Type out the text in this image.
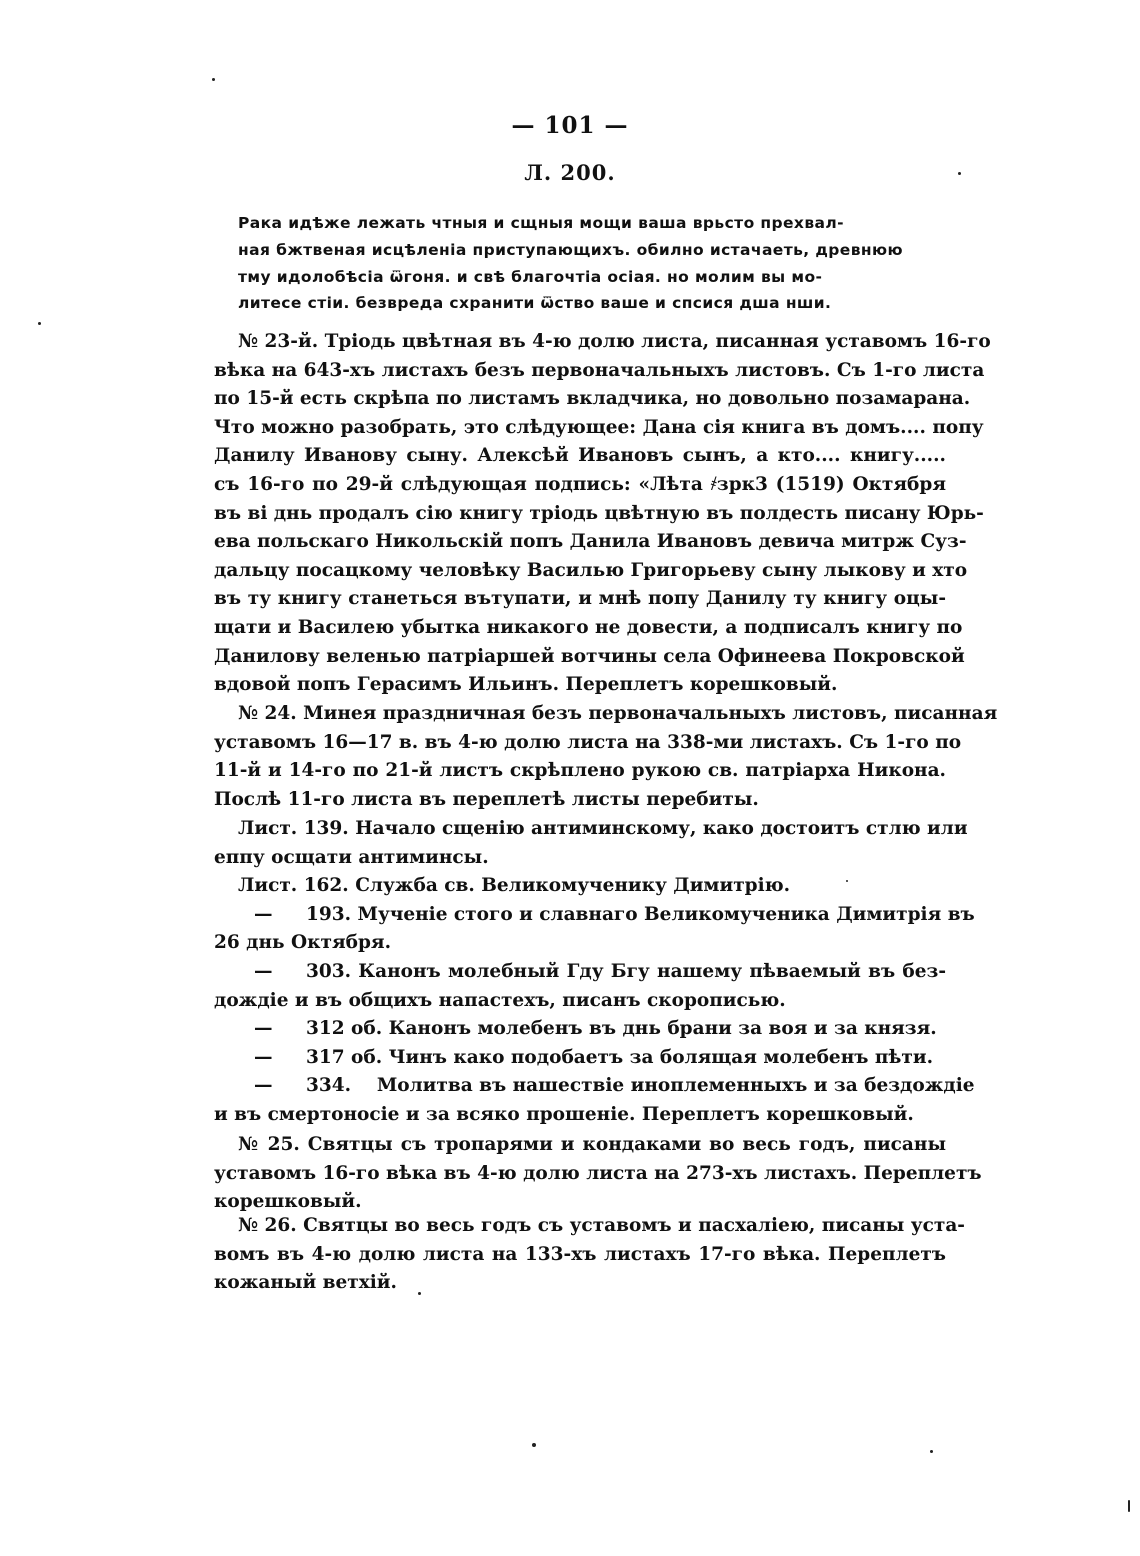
— 101 —
Л. 200.
Рака идѣже лежать чтныя и сщныя мощи ваша врьсто прехвал-
ная бжтвеная исцѣленiа приступающихъ. обилно истачаеть, древнюю
тму идолобѣсiа ѿгоня. и свѣ благочтiа осiая. но молим вы мо-
литесе стiи. безвреда схранити ѿство ваше и спсися дша нши.
№ 23-й. Трiодь цвѣтная въ 4-ю долю листа, писанная уставомъ 16-го
вѣка на 643-хъ листахъ безъ первоначальныхъ листовъ. Съ 1-го листа
по 15-й есть скрѣпа по листамъ вкладчика, но довольно позамарана.
Что можно разобрать, это слѣдующее: Дана сiя книга въ домъ.... попу
Данилу Иванову сыну. Алексѣй Ивановъ сынъ, а кто.... книгу.....
съ 16-го по 29-й слѣдующая подпись: «Лѣта ҂зрк3 (1519) Октября
въ ві днь продалъ сiю книгу трiодь цвѣтную въ полдесть писану Юрь-
ева польскаго Никольскiй попъ Данила Ивановъ девича митрж Суз-
дальцу посацкому человѣку Василью Григорьеву сыну лыкову и хто
въ ту книгу станеться вътупати, и мнѣ попу Данилу ту книгу оцы-
щати и Василею убытка никакого не довести, а подписалъ книгу по
Данилову веленью патрiаршей вотчины села Офинеева Покровской
вдовой попъ Герасимъ Ильинъ. Переплетъ корешковый.
№ 24. Минея праздничная безъ первоначальныхъ листовъ, писанная
уставомъ 16—17 в. въ 4-ю долю листа на 338-ми листахъ. Съ 1-го по
11-й и 14-го по 21-й листъ скрѣплено рукою св. патрiарха Никона.
Послѣ 11-го листа въ переплетѣ листы перебиты.
Лист. 139. Начало сщенiю антиминскому, како достоитъ стлю или
еппу осщати антиминсы.
Лист. 162. Служба св. Великомученику Димитрiю.
—	193. Мученiе стого и славнаго Великомученика Димитрiя въ
26 днь Октября.
—	303. Канонъ молебный Гду Бгу нашему пѣваемый въ без-
дождiе и въ общихъ напастехъ, писанъ скорописью.
—	312 об. Канонъ молебенъ въ днь брани за воя и за князя.
—	317 об. Чинъ како подобаетъ за болящая молебенъ пѣти.
—	334.    Молитва въ нашествiе иноплеменныхъ и за бездождiе
и въ смертоносiе и за всяко прошенiе. Переплетъ корешковый.
№ 25. Святцы съ тропарями и кондаками во весь годъ, писаны
уставомъ 16-го вѣка въ 4-ю долю листа на 273-хъ листахъ. Переплетъ
корешковый.
№ 26. Святцы во весь годъ съ уставомъ и пасхалiею, писаны уста-
вомъ въ 4-ю долю листа на 133-хъ листахъ 17-го вѣка. Переплетъ
кожаный ветхiй.
